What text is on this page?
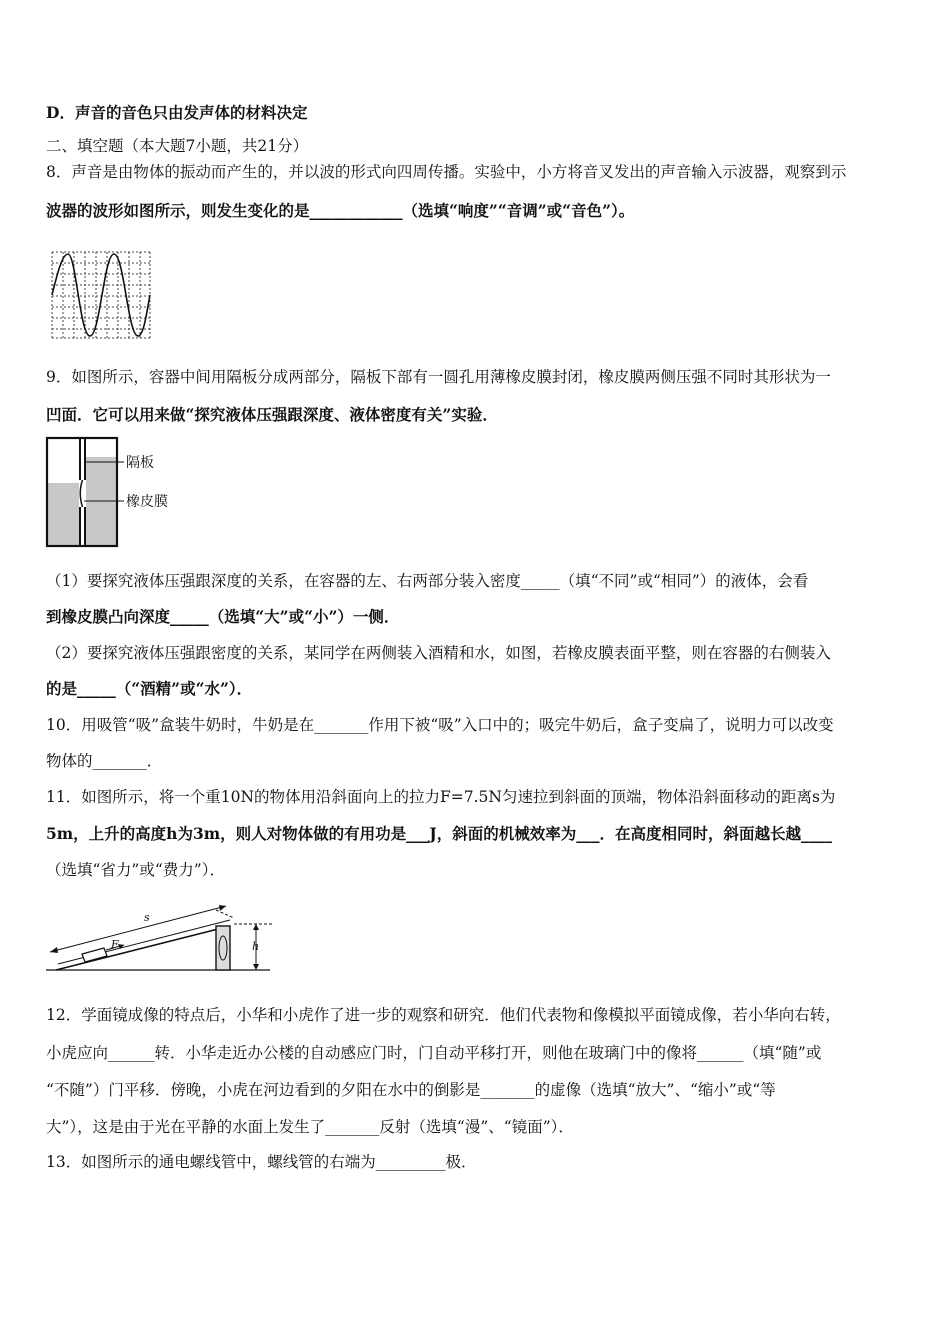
D．声音的音色只由发声体的材料决定
二、填空题（本大题7小题，共21分）
8．声音是由物体的振动而产生的，并以波的形式向四周传播。实验中，小方将音叉发出的声音输入示波器，观察到示
波器的波形如图所示，则发生变化的是____________（选填“响度”“音调”或“音色”）。
9．如图所示，容器中间用隔板分成两部分，隔板下部有一圆孔用薄橡皮膜封闭，橡皮膜两侧压强不同时其形状为一
凹面．它可以用来做“探究液体压强跟深度、液体密度有关”实验．
隔板
橡皮膜
（1）要探究液体压强跟深度的关系，在容器的左、右两部分装入密度_____（填“不同”或“相同”）的液体，会看
到橡皮膜凸向深度_____（选填“大”或“小”）一侧．
（2）要探究液体压强跟密度的关系，某同学在两侧装入酒精和水，如图，若橡皮膜表面平整，则在容器的右侧装入
的是_____（“酒精”或“水”）．
10．用吸管“吸”盒装牛奶时，牛奶是在_______作用下被“吸”入口中的；吸完牛奶后，盒子变扁了，说明力可以改变
物体的_______．
11．如图所示，将一个重10N的物体用沿斜面向上的拉力F=7.5N匀速拉到斜面的顶端，物体沿斜面移动的距离s为
5m，上升的高度h为3m，则人对物体做的有用功是___J，斜面的机械效率为___．在高度相同时，斜面越长越____
（选填“省力”或“费力”）．
s
F	h
12．学面镜成像的特点后，小华和小虎作了进一步的观察和研究．他们代表物和像模拟平面镜成像，若小华向右转，
小虎应向______转．小华走近办公楼的自动感应门时，门自动平移打开，则他在玻璃门中的像将______（填“随”或
“不随”）门平移．傍晚，小虎在河边看到的夕阳在水中的倒影是_______的虚像（选填“放大”、“缩小”或“等
大”），这是由于光在平静的水面上发生了_______反射（选填“漫”、“镜面”）．
13．如图所示的通电螺线管中，螺线管的右端为_________极．
